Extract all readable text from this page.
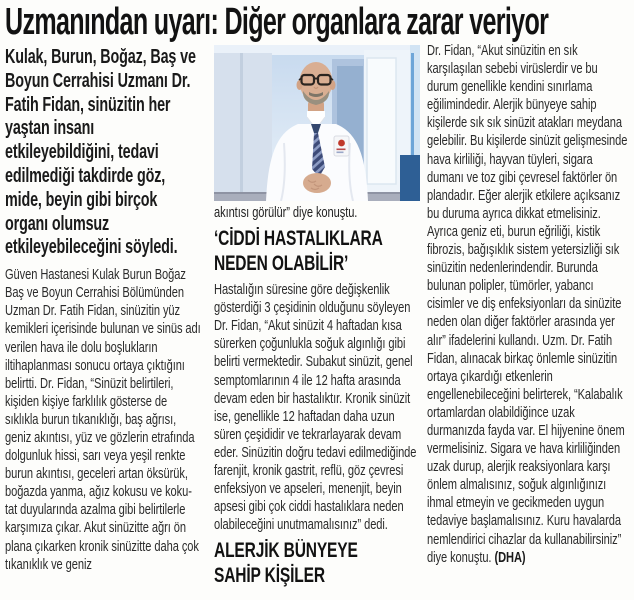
Uzmanından uyarı: Diğer organlara zarar veriyor

Kulak, Burun, Boğaz, Baş ve Boyun Cerrahisi Uzmanı Dr. Fatih Fidan, sinüzitin her yaştan insanı etkileyebildiğini, tedavi edilmediği takdirde göz, mide, beyin gibi birçok organı olumsuz etkileyebileceğini söyledi.

Güven Hastanesi Kulak Burun Boğaz Baş ve Boyun Cerrahisi Bölümünden Uzman Dr. Fatih Fidan, sinüzitin yüz kemikleri içerisinde bulunan ve sinüs adı verilen hava ile dolu boşlukların iltihaplanması sonucu ortaya çıktığını belirtti. Dr. Fidan, “Sinüzit belirtileri, kişiden kişiye farklılık gösterse de sıklıkla burun tıkanıklığı, baş ağrısı, geniz akıntısı, yüz ve gözlerin etrafında dolgunluk hissi, sarı veya yeşil renkte burun akıntısı, geceleri artan öksürük, boğazda yanma, ağız kokusu ve koku-tat duyularında azalma gibi belirtilerle karşımıza çıkar. Akut sinüzitte ağrı ön plana çıkarken kronik sinüzitte daha çok tıkanıklık ve geniz

akıntısı görülür” diye konuştu.

‘CİDDİ HASTALIKLARA
NEDEN OLABİLİR’

Hastalığın süresine göre değişkenlik gösterdiği 3 çeşidinin olduğunu söyleyen Dr. Fidan, “Akut sinüzit 4 haftadan kısa sürerken çoğunlukla soğuk algınlığı gibi belirti vermektedir. Subakut sinüzit, genel semptomlarının 4 ile 12 hafta arasında devam eden bir hastalıktır. Kronik sinüzit ise, genellikle 12 haftadan daha uzun süren çeşididir ve tekrarlayarak devam eder. Sinüzitin doğru tedavi edilmediğinde farenjit, kronik gastrit, reflü, göz çevresi enfeksiyon ve apseleri, menenjit, beyin apsesi gibi çok ciddi hastalıklara neden olabileceğini unutmamalısınız” dedi.

ALERJİK BÜNYEYE
SAHİP KİŞİLER

Dr. Fidan, “Akut sinüzitin en sık karşılaşılan sebebi virüslerdir ve bu durum genellikle kendini sınırlama eğilimindedir. Alerjik bünyeye sahip kişilerde sık sık sinüzit atakları meydana gelebilir. Bu kişilerde sinüzit gelişmesinde hava kirliliği, hayvan tüyleri, sigara dumanı ve toz gibi çevresel faktörler ön plandadır. Eğer alerjik etkilere açıksanız bu duruma ayrıca dikkat etmelisiniz. Ayrıca geniz eti, burun eğriliği, kistik fibrozis, bağışıklık sistem yetersizliği sık sinüzitin nedenlerindendir. Burunda bulunan polipler, tümörler, yabancı cisimler ve diş enfeksiyonları da sinüzite neden olan diğer faktörler arasında yer alır” ifadelerini kullandı. Uzm. Dr. Fatih Fidan, alınacak birkaç önlemle sinüzitin ortaya çıkardığı etkenlerin engellenebileceğini belirterek, “Kalabalık ortamlardan olabildiğince uzak durmanızda fayda var. El hijyenine önem vermelisiniz. Sigara ve hava kirliliğinden uzak durup, alerjik reaksiyonlara karşı önlem almalısınız, soğuk algınlığınızı ihmal etmeyin ve gecikmeden uygun tedaviye başlamalısınız. Kuru havalarda nemlendirici cihazlar da kullanabilirsiniz” diye konuştu. (DHA)
